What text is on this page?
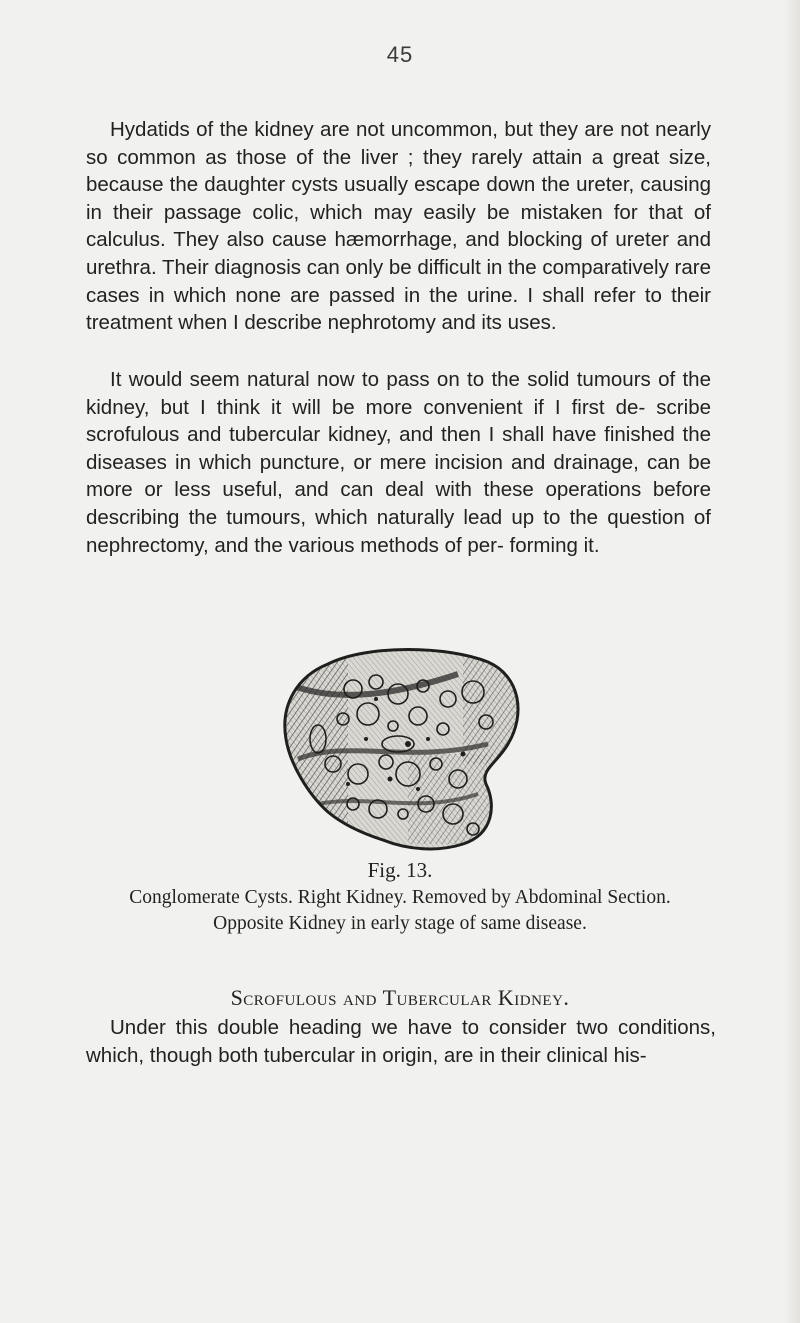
45

Hydatids of the kidney are not uncommon, but they are not nearly so common as those of the liver ; they rarely attain a great size, because the daughter cysts usually escape down the ureter, causing in their passage colic, which may easily be mistaken for that of calculus. They also cause hæmorrhage, and blocking of ureter and urethra. Their diagnosis can only be difficult in the comparatively rare cases in which none are passed in the urine. I shall refer to their treatment when I describe nephrotomy and its uses.

It would seem natural now to pass on to the solid tumours of the kidney, but I think it will be more convenient if I first de- scribe scrofulous and tubercular kidney, and then I shall have finished the diseases in which puncture, or mere incision and drainage, can be more or less useful, and can deal with these operations before describing the tumours, which naturally lead up to the question of nephrectomy, and the various methods of per- forming it.

Fig. 13.

Conglomerate Cysts. Right Kidney. Removed by Abdominal Section.

Opposite Kidney in early stage of same disease.

Scrofulous and Tubercular Kidney.

Under this double heading we have to consider two conditions, which, though both tubercular in origin, are in their clinical his-
